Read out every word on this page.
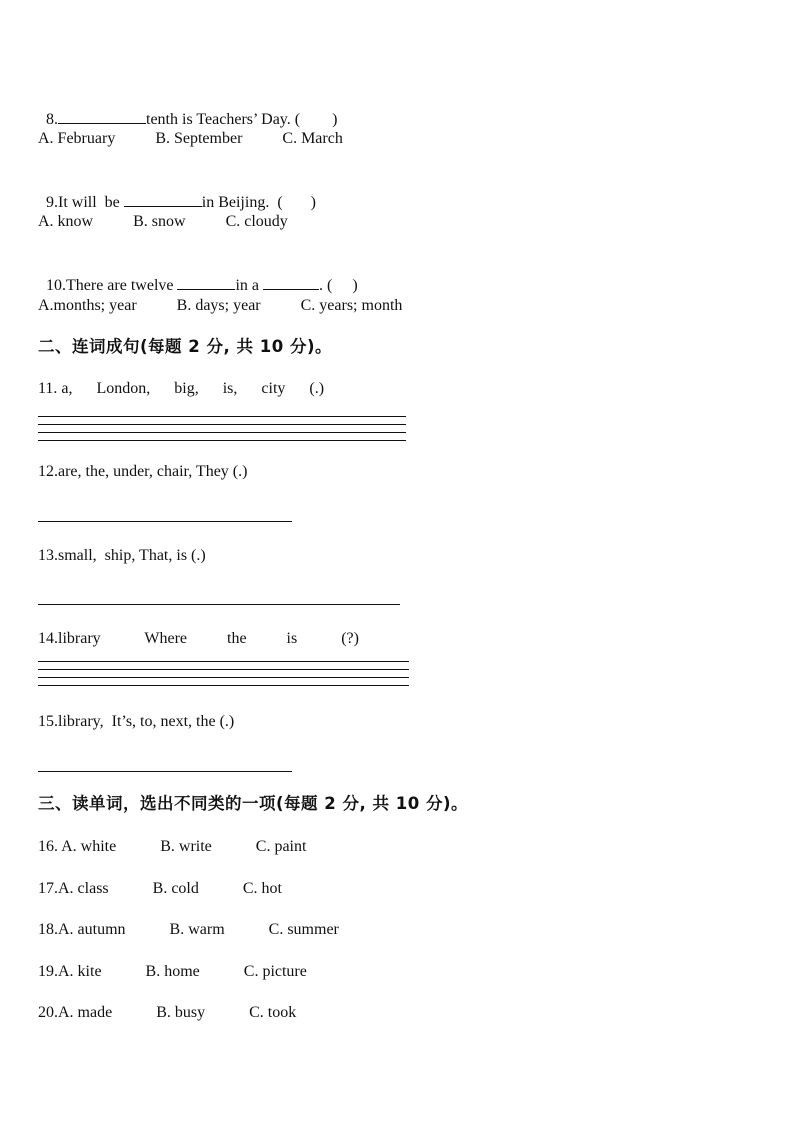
8.	tenth is Teachers’ Day. (        )

A. February          B. September          C. March

9.It will  be	in Beijing.  (       )

A. know          B. snow          C. cloudy

10.There are twelve	in a	. (     )

A.months; year          B. days; year          C. years; month
二、连词成句(每题 2 分, 共 10 分)。
11. a,      London,      big,      is,      city      (.)
12.are, the, under, chair, They (.)
13.small,  ship, That, is (.)
14.library           Where          the          is           (?)
15.library,  It’s, to, next, the (.)
三、读单词，选出不同类的一项(每题 2 分, 共 10 分)。
16. A. white           B. write           C. paint
17.A. class           B. cold           C. hot
18.A. autumn           B. warm           C. summer
19.A. kite           B. home           C. picture
20.A. made           B. busy           C. took
